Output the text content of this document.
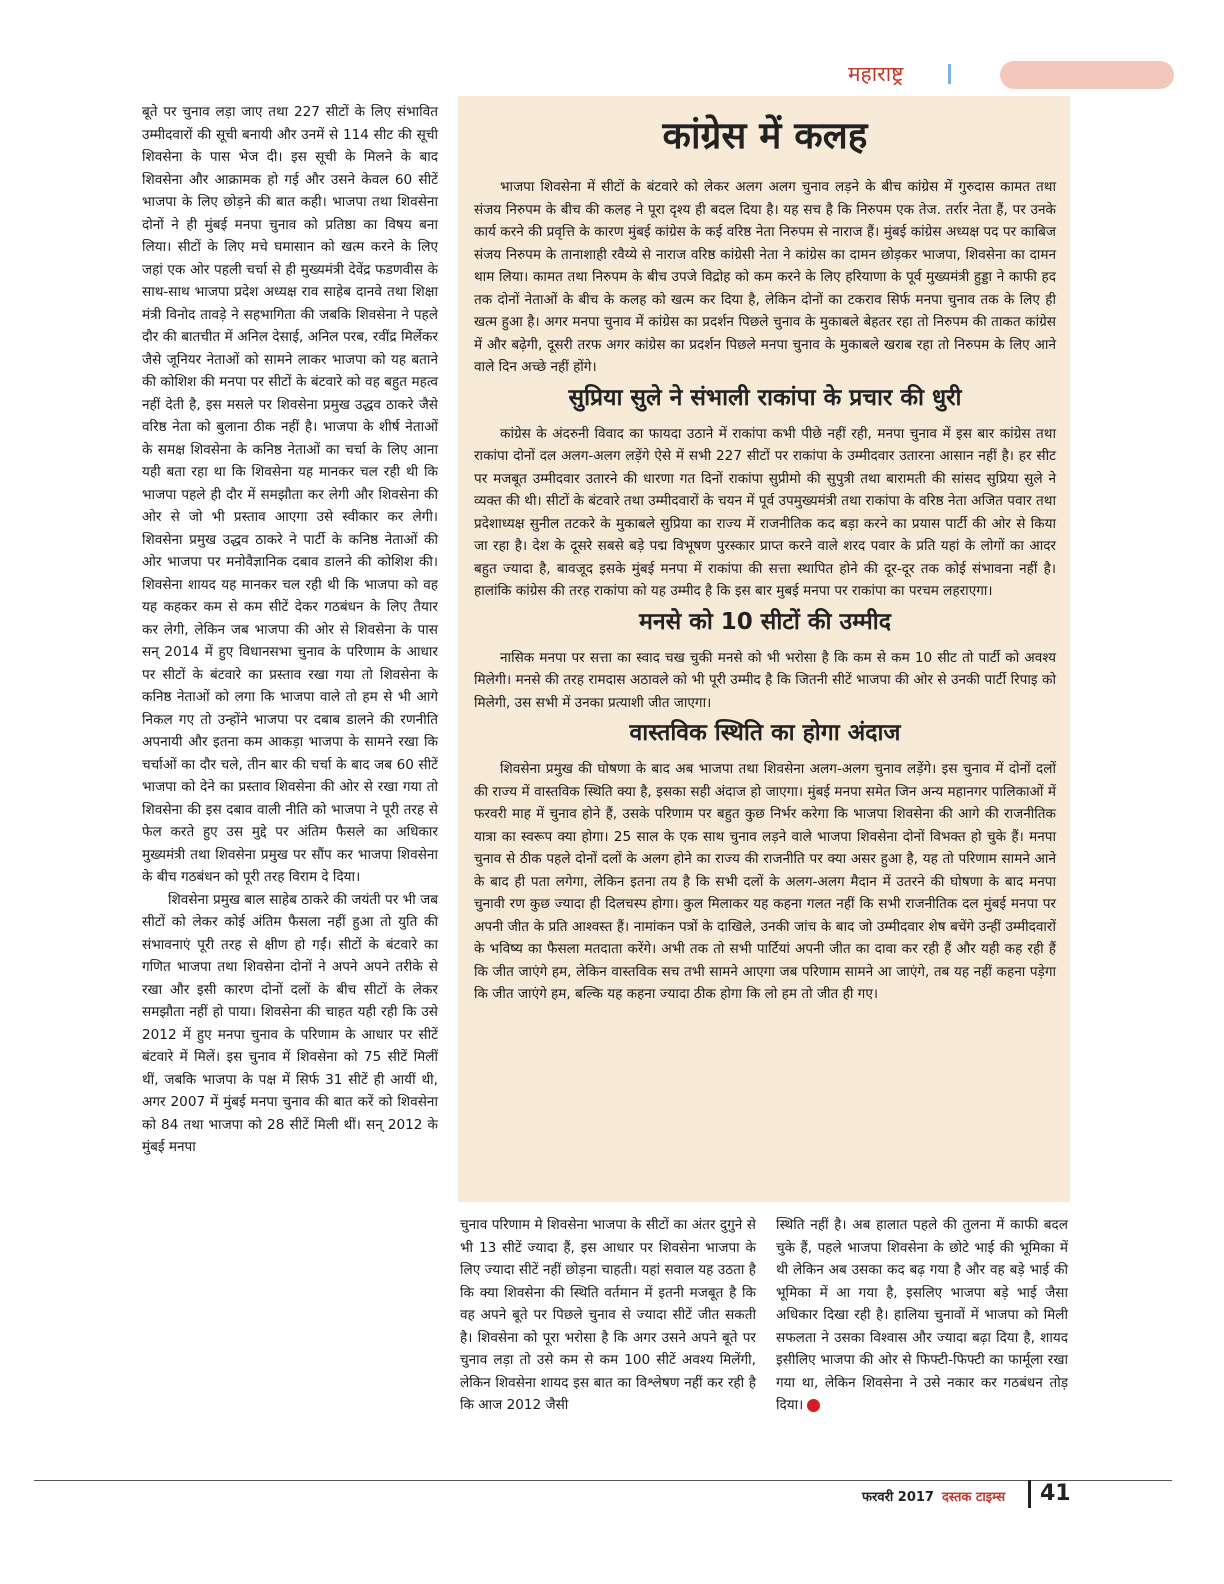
महाराष्ट्र

बूते पर चुनाव लड़ा जाए तथा 227 सीटों के लिए संभावित उम्मीदवारों की सूची बनायी और उनमें से 114 सीट की सूची शिवसेना के पास भेज दी। इस सूची के मिलने के बाद शिवसेना और आक्रामक हो गई और उसने केवल 60 सीटें भाजपा के लिए छोड़ने की बात कही। भाजपा तथा शिवसेना दोनों ने ही मुंबई मनपा चुनाव को प्रतिष्ठा का विषय बना लिया। सीटों के लिए मचे घमासान को खत्म करने के लिए जहां एक ओर पहली चर्चा से ही मुख्यमंत्री देवेंद्र फडणवीस के साथ-साथ भाजपा प्रदेश अध्यक्ष राव साहेब दानवे तथा शिक्षा मंत्री विनोद तावड़े ने सहभागिता की जबकि शिवसेना ने पहले दौर की बातचीत में अनिल देसाई, अनिल परब, रवींद्र मिर्लेकर जैसे जूनियर नेताओं को सामने लाकर भाजपा को यह बताने की कोशिश की मनपा पर सीटों के बंटवारे को वह बहुत महत्व नहीं देती है, इस मसले पर शिवसेना प्रमुख उद्धव ठाकरे जैसे वरिष्ठ नेता को बुलाना ठीक नहीं है। भाजपा के शीर्ष नेताओं के समक्ष शिवसेना के कनिष्ठ नेताओं का चर्चा के लिए आना यही बता रहा था कि शिवसेना यह मानकर चल रही थी कि भाजपा पहले ही दौर में समझौता कर लेगी और शिवसेना की ओर से जो भी प्रस्ताव आएगा उसे स्वीकार कर लेगी। शिवसेना प्रमुख उद्धव ठाकरे ने पार्टी के कनिष्ठ नेताओं की ओर भाजपा पर मनोवैज्ञानिक दबाव डालने की कोशिश की। शिवसेना शायद यह मानकर चल रही थी कि भाजपा को वह यह कहकर कम से कम सीटें देकर गठबंधन के लिए तैयार कर लेगी, लेकिन जब भाजपा की ओर से शिवसेना के पास सन् 2014 में हुए विधानसभा चुनाव के परिणाम के आधार पर सीटों के बंटवारे का प्रस्ताव रखा गया तो शिवसेना के कनिष्ठ नेताओं को लगा कि भाजपा वाले तो हम से भी आगे निकल गए तो उन्होंने भाजपा पर दबाब डालने की रणनीति अपनायी और इतना कम आकड़ा भाजपा के सामने रखा कि चर्चाओं का दौर चले, तीन बार की चर्चा के बाद जब 60 सीटें भाजपा को देने का प्रस्ताव शिवसेना की ओर से रखा गया तो शिवसेना की इस दबाव वाली नीति को भाजपा ने पूरी तरह से फेल करते हुए उस मुद्दे पर अंतिम फैसले का अधिकार मुख्यमंत्री तथा शिवसेना प्रमुख पर सौंप कर भाजपा शिवसेना के बीच गठबंधन को पूरी तरह विराम दे दिया।

शिवसेना प्रमुख बाल साहेब ठाकरे की जयंती पर भी जब सीटों को लेकर कोई अंतिम फैसला नहीं हुआ तो युति की संभावनाएं पूरी तरह से क्षीण हो गईं। सीटों के बंटवारे का गणित भाजपा तथा शिवसेना दोनों ने अपने अपने तरीके से रखा और इसी कारण दोनों दलों के बीच सीटों के लेकर समझौता नहीं हो पाया। शिवसेना की चाहत यही रही कि उसे 2012 में हुए मनपा चुनाव के परिणाम के आधार पर सीटें बंटवारे में मिलें। इस चुनाव में शिवसेना को 75 सीटें मिलीं थीं, जबकि भाजपा के पक्ष में सिर्फ 31 सीटें ही आयीं थी, अगर 2007 में मुंबई मनपा चुनाव की बात करें को शिवसेना को 84 तथा भाजपा को 28 सीटें मिली थीं। सन् 2012 के मुंबई मनपा

कांग्रेस में कलह

भाजपा शिवसेना में सीटों के बंटवारे को लेकर अलग अलग चुनाव लड़ने के बीच कांग्रेस में गुरुदास कामत तथा संजय निरुपम के बीच की कलह ने पूरा दृश्य ही बदल दिया है। यह सच है कि निरुपम एक तेज. तर्रार नेता हैं, पर उनके कार्य करने की प्रवृत्ति के कारण मुंबई कांग्रेस के कई वरिष्ठ नेता निरुपम से नाराज हैं। मुंबई कांग्रेस अध्यक्ष पद पर काबिज संजय निरुपम के तानाशाही रवैय्ये से नाराज वरिष्ठ कांग्रेसी नेता ने कांग्रेस का दामन छोड़कर भाजपा, शिवसेना का दामन थाम लिया। कामत तथा निरुपम के बीच उपजे विद्रोह को कम करने के लिए हरियाणा के पूर्व मुख्यमंत्री हुड्डा ने काफी हद तक दोनों नेताओं के बीच के कलह को खत्म कर दिया है, लेकिन दोनों का टकराव सिर्फ मनपा चुनाव तक के लिए ही खत्म हुआ है। अगर मनपा चुनाव में कांग्रेस का प्रदर्शन पिछले चुनाव के मुकाबले बेहतर रहा तो निरुपम की ताकत कांग्रेस में और बढ़ेगी, दूसरी तरफ अगर कांग्रेस का प्रदर्शन पिछले मनपा चुनाव के मुकाबले खराब रहा तो निरुपम के लिए आने वाले दिन अच्छे नहीं होंगे।

सुप्रिया सुले ने संभाली राकांपा के प्रचार की धुरी

कांग्रेस के अंदरुनी विवाद का फायदा उठाने में राकांपा कभी पीछे नहीं रही, मनपा चुनाव में इस बार कांग्रेस तथा राकांपा दोनों दल अलग-अलग लड़ेंगे ऐसे में सभी 227 सीटों पर राकांपा के उम्मीदवार उतारना आसान नहीं है। हर सीट पर मजबूत उम्मीदवार उतारने की धारणा गत दिनों राकांपा सुप्रीमो की सुपुत्री तथा बारामती की सांसद सुप्रिया सुले ने व्यक्त की थी। सीटों के बंटवारे तथा उम्मीदवारों के चयन में पूर्व उपमुख्यमंत्री तथा राकांपा के वरिष्ठ नेता अजित पवार तथा प्रदेशाध्यक्ष सुनील तटकरे के मुकाबले सुप्रिया का राज्य में राजनीतिक कद बड़ा करने का प्रयास पार्टी की ओर से किया जा रहा है। देश के दूसरे सबसे बड़े पद्म विभूषण पुरस्कार प्राप्त करने वाले शरद पवार के प्रति यहां के लोगों का आदर बहुत ज्यादा है, बावजूद इसके मुंबई मनपा में राकांपा की सत्ता स्थापित होने की दूर-दूर तक कोई संभावना नहीं है। हालांकि कांग्रेस की तरह राकांपा को यह उम्मीद है कि इस बार मुबई मनपा पर राकांपा का परचम लहराएगा।

मनसे को 10 सीटों की उम्मीद

नासिक मनपा पर सत्ता का स्वाद चख चुकी मनसे को भी भरोसा है कि कम से कम 10 सीट तो पार्टी को अवश्य मिलेगी। मनसे की तरह रामदास अठावले को भी पूरी उम्मीद है कि जितनी सीटें भाजपा की ओर से उनकी पार्टी रिपाइ को मिलेगी, उस सभी में उनका प्रत्याशी जीत जाएगा।

वास्तविक स्थिति का होगा अंदाज

शिवसेना प्रमुख की घोषणा के बाद अब भाजपा तथा शिवसेना अलग-अलग चुनाव लड़ेंगे। इस चुनाव में दोनों दलों की राज्य में वास्तविक स्थिति क्या है, इसका सही अंदाज हो जाएगा। मुंबई मनपा समेत जिन अन्य महानगर पालिकाओं में फरवरी माह में चुनाव होने हैं, उसके परिणाम पर बहुत कुछ निर्भर करेगा कि भाजपा शिवसेना की आगे की राजनीतिक यात्रा का स्वरूप क्या होगा। 25 साल के एक साथ चुनाव लड़ने वाले भाजपा शिवसेना दोनों विभक्त हो चुके हैं। मनपा चुनाव से ठीक पहले दोनों दलों के अलग होने का राज्य की राजनीति पर क्या असर हुआ है, यह तो परिणाम सामने आने के बाद ही पता लगेगा, लेकिन इतना तय है कि सभी दलों के अलग-अलग मैदान में उतरने की घोषणा के बाद मनपा चुनावी रण कुछ ज्यादा ही दिलचस्प होगा। कुल मिलाकर यह कहना गलत नहीं कि सभी राजनीतिक दल मुंबई मनपा पर अपनी जीत के प्रति आश्वस्त हैं। नामांकन पत्रों के दाखिले, उनकी जांच के बाद जो उम्मीदवार शेष बचेंगे उन्हीं उम्मीदवारों के भविष्य का फैसला मतदाता करेंगे। अभी तक तो सभी पार्टियां अपनी जीत का दावा कर रही हैं और यही कह रही हैं कि जीत जाएंगे हम, लेकिन वास्तविक सच तभी सामने आएगा जब परिणाम सामने आ जाएंगे, तब यह नहीं कहना पड़ेगा कि जीत जाएंगे हम, बल्कि यह कहना ज्यादा ठीक होगा कि लो हम तो जीत ही गए।

चुनाव परिणाम मे शिवसेना भाजपा के सीटों का अंतर दुगुने से भी 13 सीटें ज्यादा हैं, इस आधार पर शिवसेना भाजपा के लिए ज्यादा सीटें नहीं छोड़ना चाहती। यहां सवाल यह उठता है कि क्या शिवसेना की स्थिति वर्तमान में इतनी मजबूत है कि वह अपने बूते पर पिछले चुनाव से ज्यादा सीटें जीत सकती है। शिवसेना को पूरा भरोसा है कि अगर उसने अपने बूते पर चुनाव लड़ा तो उसे कम से कम 100 सीटें अवश्य मिलेंगी, लेकिन शिवसेना शायद इस बात का विश्लेषण नहीं कर रही है कि आज 2012 जैसी

स्थिति नहीं है। अब हालात पहले की तुलना में काफी बदल चुके हैं, पहले भाजपा शिवसेना के छोटे भाई की भूमिका में थी लेकिन अब उसका कद बढ़ गया है और वह बड़े भाई की भूमिका में आ गया है, इसलिए भाजपा बड़े भाई जैसा अधिकार दिखा रही है। हालिया चुनावों में भाजपा को मिली सफलता ने उसका विश्वास और ज्यादा बढ़ा दिया है, शायद इसीलिए भाजपा की ओर से फिफ्टी-फिफ्टी का फार्मूला रखा गया था, लेकिन शिवसेना ने उसे नकार कर गठबंधन तोड़ दिया।

फरवरी 2017 दस्तक टाइम्स 41
